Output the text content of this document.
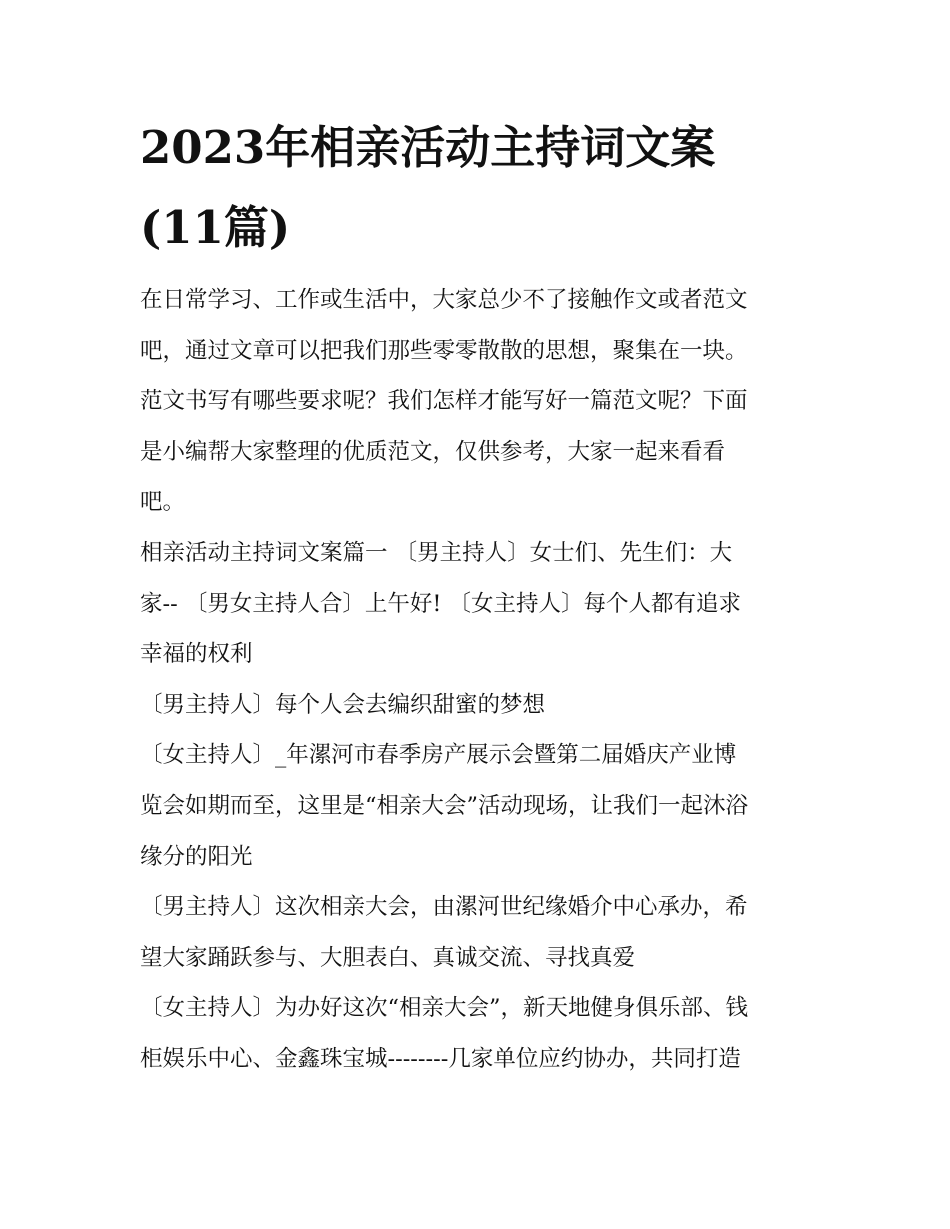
2023年相亲活动主持词文案
(11篇)
在日常学习、工作或生活中，大家总少不了接触作文或者范文
吧，通过文章可以把我们那些零零散散的思想，聚集在一块。
范文书写有哪些要求呢？我们怎样才能写好一篇范文呢？下面
是小编帮大家整理的优质范文，仅供参考，大家一起来看看
吧。
相亲活动主持词文案篇一 〔男主持人〕女士们、先生们：大
家-- 〔男女主持人合〕上午好! 〔女主持人〕每个人都有追求
幸福的权利
〔男主持人〕每个人会去编织甜蜜的梦想
〔女主持人〕_年漯河市春季房产展示会暨第二届婚庆产业博
览会如期而至，这里是“相亲大会”活动现场，让我们一起沐浴
缘分的阳光
〔男主持人〕这次相亲大会，由漯河世纪缘婚介中心承办，希
望大家踊跃参与、大胆表白、真诚交流、寻找真爱
〔女主持人〕为办好这次“相亲大会”，新天地健身俱乐部、钱
柜娱乐中心、金鑫珠宝城--------几家单位应约协办，共同打造
